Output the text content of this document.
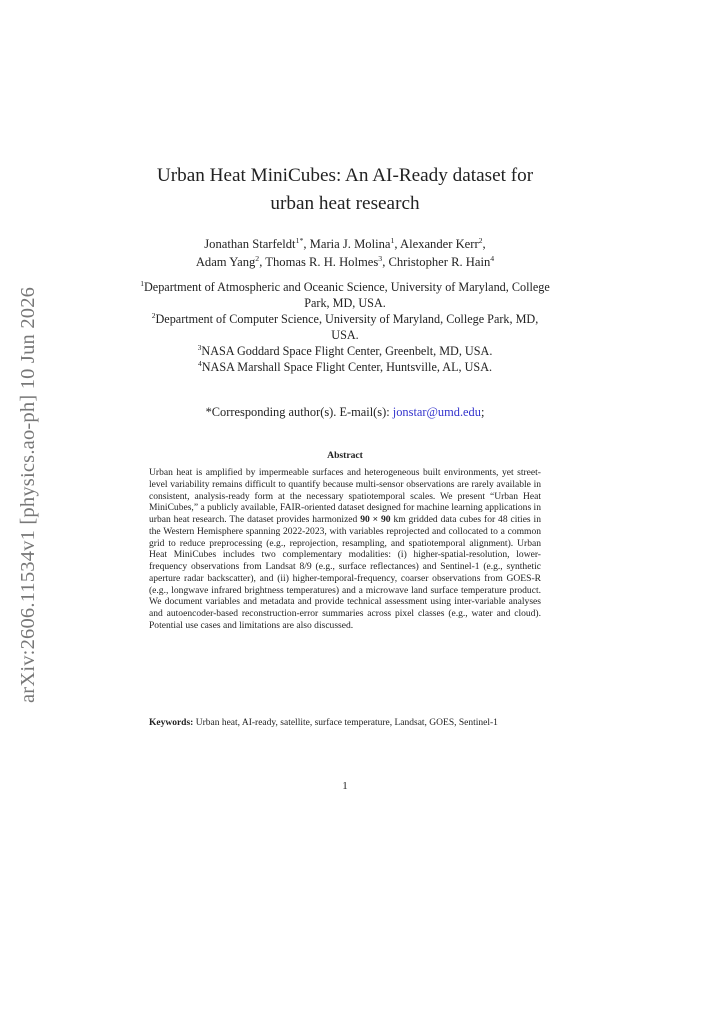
arXiv:2606.11534v1 [physics.ao-ph] 10 Jun 2026
Urban Heat MiniCubes: An AI-Ready dataset for
urban heat research
Jonathan Starfeldt$^{1*}$, Maria J. Molina$^1$, Alexander Kerr$^2$,
Adam Yang$^2$, Thomas R. H. Holmes$^3$, Christopher R. Hain$^4$

$^1$Department of Atmospheric and Oceanic Science, University of Maryland, College Park, MD, USA.

$^2$Department of Computer Science, University of Maryland, College Park, MD, USA.

$^3$NASA Goddard Space Flight Center, Greenbelt, MD, USA.

$^4$NASA Marshall Space Flight Center, Huntsville, AL, USA.

*Corresponding author(s). E-mail(s): jonstar@umd.edu;
Abstract

Urban heat is amplified by impermeable surfaces and heterogeneous built environments, yet street-level variability remains difficult to quantify because multi-sensor observations are rarely available in consistent, analysis-ready form at the necessary spatiotemporal scales. We present “Urban Heat MiniCubes,” a publicly available, FAIR-oriented dataset designed for machine learning applications in urban heat research. The dataset provides harmonized 90 × 90 km gridded data cubes for 48 cities in the Western Hemisphere spanning 2022-2023, with variables reprojected and collocated to a common grid to reduce preprocessing (e.g., reprojection, resampling, and spatiotemporal alignment). Urban Heat MiniCubes includes two complementary modalities: (i) higher-spatial-resolution, lower-frequency observations from Landsat 8/9 (e.g., surface reflectances) and Sentinel-1 (e.g., synthetic aperture radar backscatter), and (ii) higher-temporal-frequency, coarser observations from GOES-R (e.g., longwave infrared brightness temperatures) and a microwave land surface temperature product. We document variables and metadata and provide technical assessment using inter-variable analyses and autoencoder-based reconstruction-error summaries across pixel classes (e.g., water and cloud). Potential use cases and limitations are also discussed.

Keywords: Urban heat, AI-ready, satellite, surface temperature, Landsat, GOES, Sentinel-1

1
